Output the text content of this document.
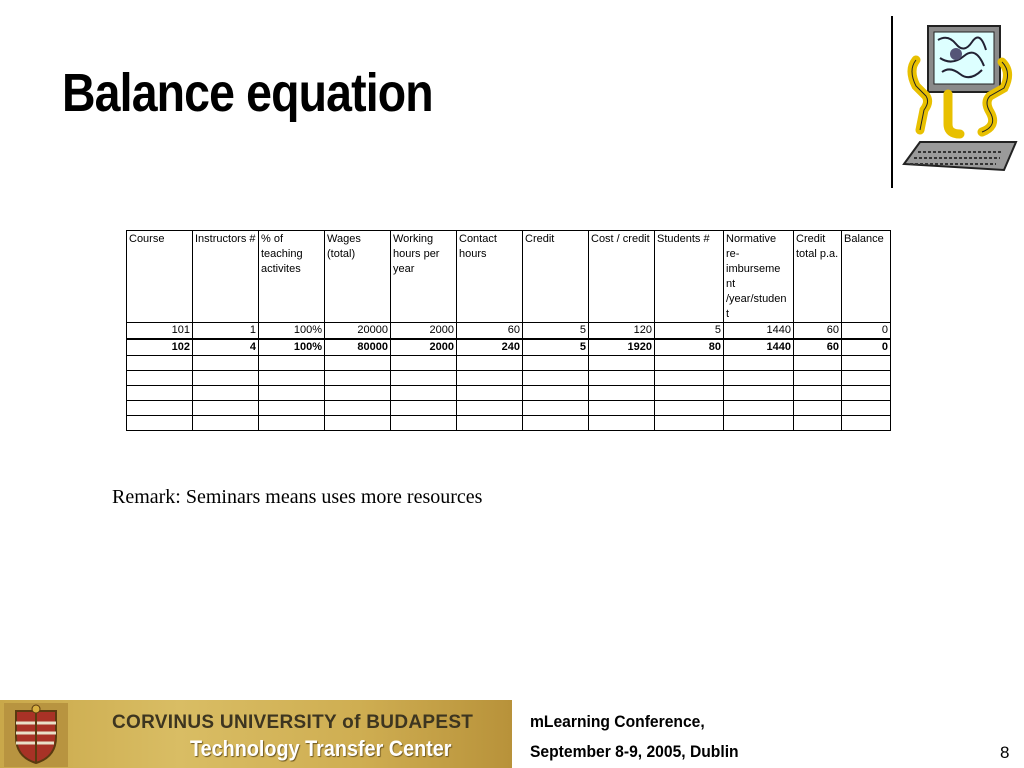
Balance equation
Course	Instructors #	% of teaching activites	Wages (total)	Working hours per year	Contact hours	Credit	Cost / credit	Students #	Normative re-imburseme nt /year/studen t	Credit total p.a.	Balance
101	1	100%	20000	2000	60	5	120	5	1440	60	0
102	4	100%	80000	2000	240	5	1920	80	1440	60	0

Remark: Seminars means uses more resources
CORVINUS UNIVERSITY of BUDAPEST
Technology Transfer Center
mLearning Conference,
September 8-9, 2005, Dublin	8
